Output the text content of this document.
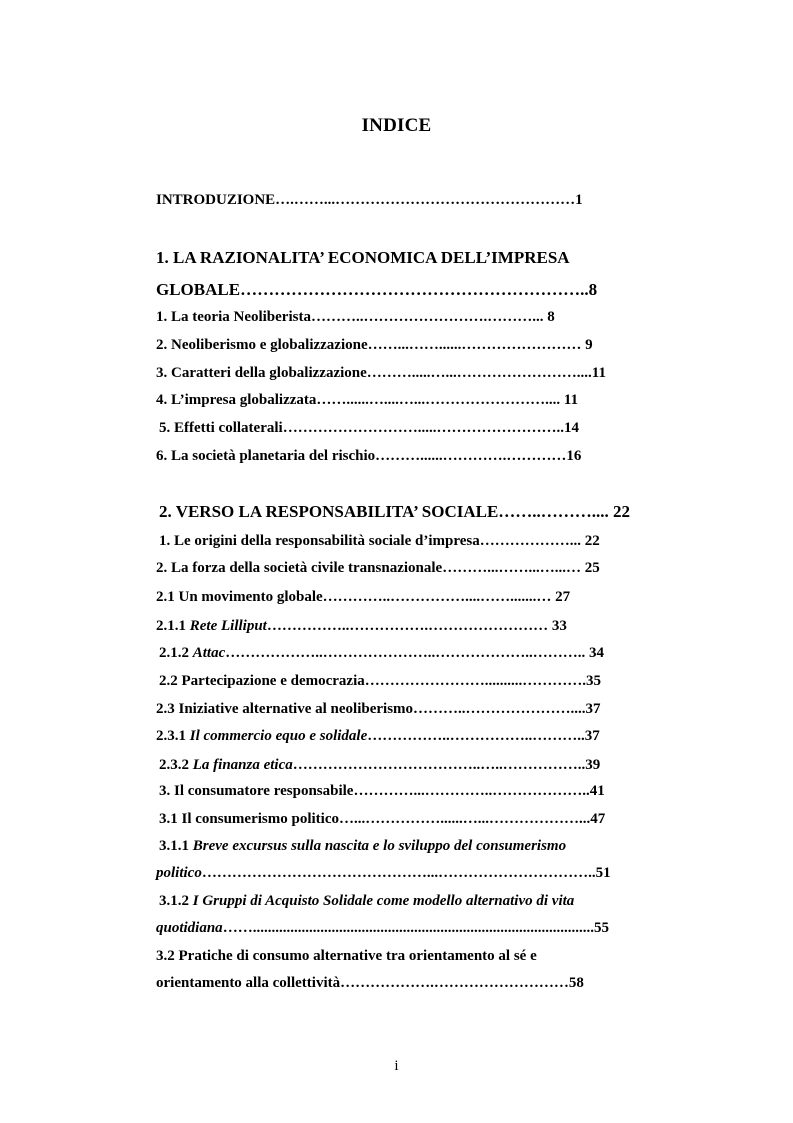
INDICE
INTRODUZIONE….……...…………………………………………1
1. LA RAZIONALITA’ ECONOMICA DELL’IMPRESA
GLOBALE……………………………………………………..8
1. La teoria Neoliberista………..…………………….………... 8
2. Neoliberismo e globalizzazione……...……......…………………… 9
3. Caratteri della globalizzazione……….....…...……………………....11
4. L’impresa globalizzata……......…....…...…………………….... 11
5. Effetti collaterali……………………….....……………………..14
6. La società planetaria del rischio………......………….…………16
2. VERSO LA RESPONSABILITA’ SOCIALE……..……….... 22
1. Le origini della responsabilità sociale d’impresa………………... 22
2. La forza della società civile transnazionale………...……...…...… 25
2.1 Un movimento globale…………..……………....…….......… 27
2.1.1 Rete Lilliput……………..…………….…………………… 33
2.1.2 Attac………………..…………………..………………..……….. 34
2.2 Partecipazione e democrazia……………………..........………….35
2.3 Iniziative alternative al neoliberismo………..…………………....37
2.3.1 Il commercio equo e solidale……………..……………..………..37
2.3.2 La finanza etica………………………………..…..……………..39
3. Il consumatore responsabile…………...…………..………………..41
3.1 Il consumerismo politico…...……………......…...………………...47
3.1.1 Breve excursus sulla nascita e lo sviluppo del consumerismo
politico………………………………………...…………………………..51
3.1.2 I Gruppi di Acquisto Solidale come modello alternativo di vita
quotidiana……...........................................................................................55
3.2 Pratiche di consumo alternative tra orientamento al sé e
orientamento alla collettività……………….………………………58
i
